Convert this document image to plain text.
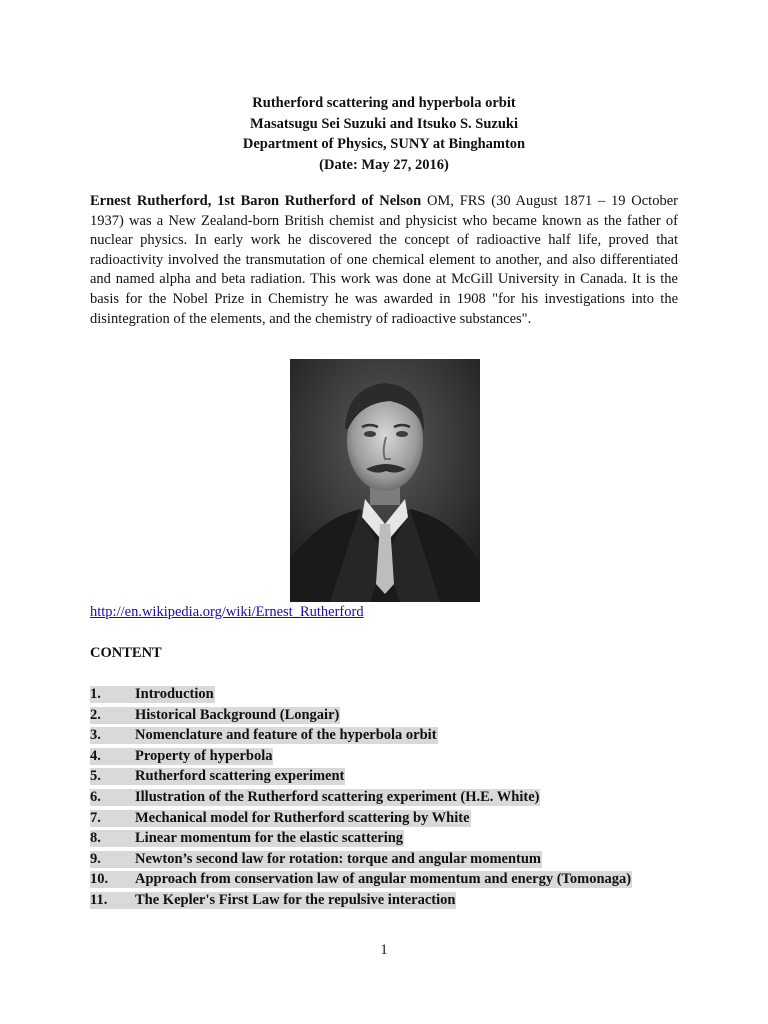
Rutherford scattering and hyperbola orbit
Masatsugu Sei Suzuki and Itsuko S. Suzuki
Department of Physics, SUNY at Binghamton
(Date: May 27, 2016)
Ernest Rutherford, 1st Baron Rutherford of Nelson OM, FRS (30 August 1871 – 19 October 1937) was a New Zealand-born British chemist and physicist who became known as the father of nuclear physics. In early work he discovered the concept of radioactive half life, proved that radioactivity involved the transmutation of one chemical element to another, and also differentiated and named alpha and beta radiation. This work was done at McGill University in Canada. It is the basis for the Nobel Prize in Chemistry he was awarded in 1908 "for his investigations into the disintegration of the elements, and the chemistry of radioactive substances".
http://en.wikipedia.org/wiki/Ernest_Rutherford
CONTENT
1.	Introduction
2.	Historical Background (Longair)
3.	Nomenclature and feature of the hyperbola orbit
4.	Property of hyperbola
5.	Rutherford scattering experiment
6.	Illustration of the Rutherford scattering experiment (H.E. White)
7.	Mechanical model for Rutherford scattering by White
8.	Linear momentum for the elastic scattering
9.	Newton’s second law for rotation: torque and angular momentum
10.	Approach from conservation law of angular momentum and energy (Tomonaga)
11.	The Kepler's First Law for the repulsive interaction
1
